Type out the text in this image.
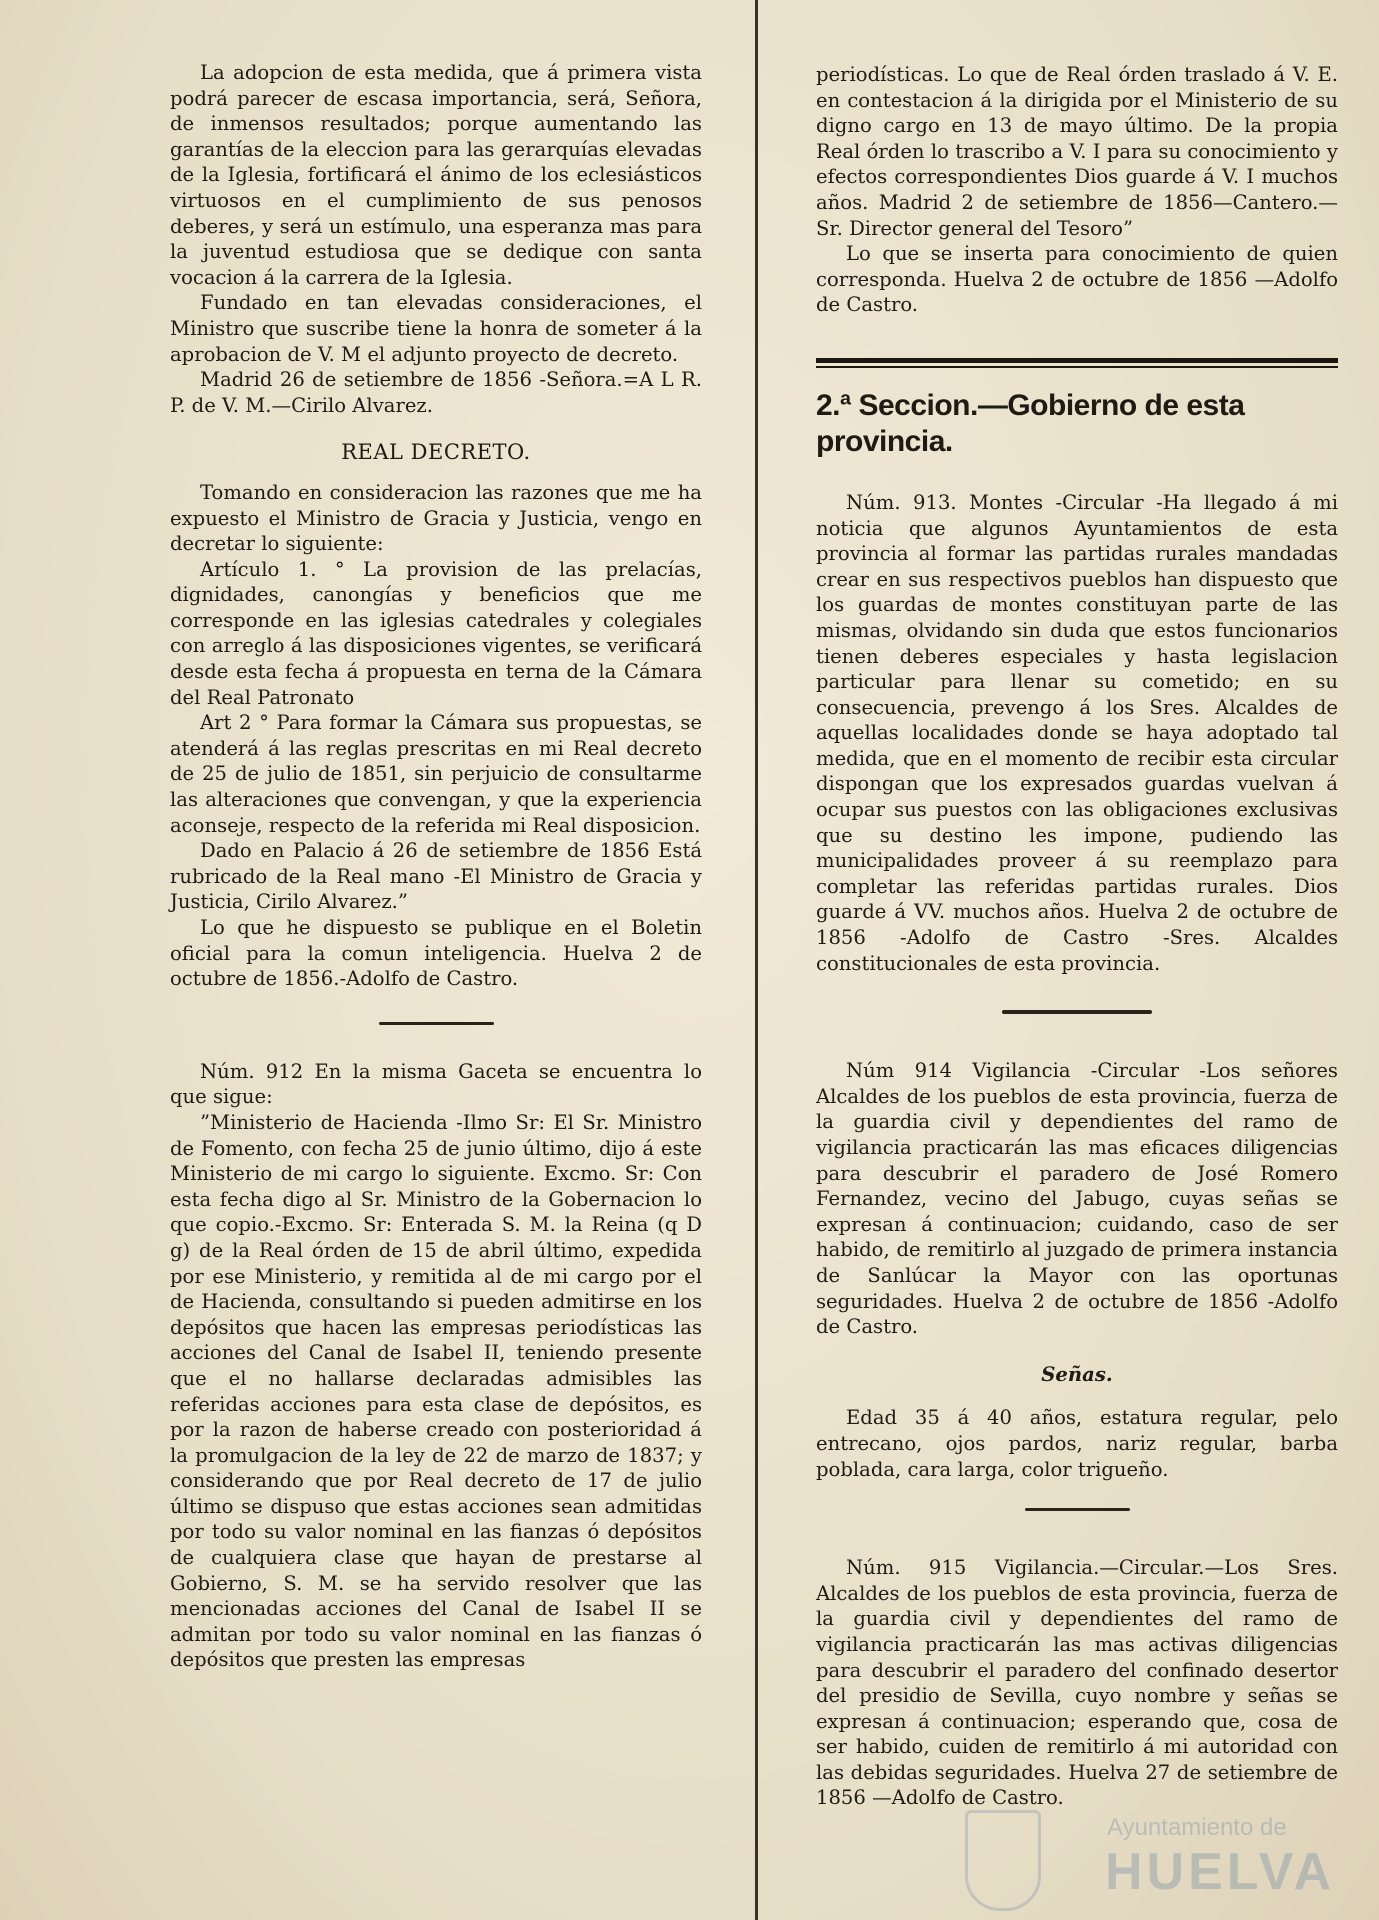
La adopcion de esta medida, que á primera vista podrá parecer de escasa importancia, será, Señora, de inmensos resultados; porque aumentando las garantías de la eleccion para las gerarquías elevadas de la Iglesia, fortificará el ánimo de los eclesiásticos virtuosos en el cumplimiento de sus penosos deberes, y será un estímulo, una esperanza mas para la juventud estudiosa que se dedique con santa vocacion á la carrera de la Iglesia.

Fundado en tan elevadas consideraciones, el Ministro que suscribe tiene la honra de someter á la aprobacion de V. M el adjunto proyecto de decreto.

Madrid 26 de setiembre de 1856 -Señora.=A L R. P. de V. M.—Cirilo Alvarez.

REAL DECRETO.

Tomando en consideracion las razones que me ha expuesto el Ministro de Gracia y Justicia, vengo en decretar lo siguiente:

Artículo 1. ° La provision de las prelacías, dignidades, canongías y beneficios que me corresponde en las iglesias catedrales y colegiales con arreglo á las disposiciones vigentes, se verificará desde esta fecha á propuesta en terna de la Cámara del Real Patronato

Art 2 ° Para formar la Cámara sus propuestas, se atenderá á las reglas prescritas en mi Real decreto de 25 de julio de 1851, sin perjuicio de consultarme las alteraciones que convengan, y que la experiencia aconseje, respecto de la referida mi Real disposicion.

Dado en Palacio á 26 de setiembre de 1856 Está rubricado de la Real mano -El Ministro de Gracia y Justicia, Cirilo Alvarez.”

Lo que he dispuesto se publique en el Boletin oficial para la comun inteligencia. Huelva 2 de octubre de 1856.-Adolfo de Castro.

Núm. 912 En la misma Gaceta se encuentra lo que sigue:

”Ministerio de Hacienda -Ilmo Sr: El Sr. Ministro de Fomento, con fecha 25 de junio último, dijo á este Ministerio de mi cargo lo siguiente. Excmo. Sr: Con esta fecha digo al Sr. Ministro de la Gobernacion lo que copio.-Excmo. Sr: Enterada S. M. la Reina (q D g) de la Real órden de 15 de abril último, expedida por ese Ministerio, y remitida al de mi cargo por el de Hacienda, consultando si pueden admitirse en los depósitos que hacen las empresas periodísticas las acciones del Canal de Isabel II, teniendo presente que el no hallarse declaradas admisibles las referidas acciones para esta clase de depósitos, es por la razon de haberse creado con posterioridad á la promulgacion de la ley de 22 de marzo de 1837; y considerando que por Real decreto de 17 de julio último se dispuso que estas acciones sean admitidas por todo su valor nominal en las fianzas ó depósitos de cualquiera clase que hayan de prestarse al Gobierno, S. M. se ha servido resolver que las mencionadas acciones del Canal de Isabel II se admitan por todo su valor nominal en las fianzas ó depósitos que presten las empresas

periodísticas. Lo que de Real órden traslado á V. E. en contestacion á la dirigida por el Ministerio de su digno cargo en 13 de mayo último. De la propia Real órden lo trascribo a V. I para su conocimiento y efectos correspondientes Dios guarde á V. I muchos años. Madrid 2 de setiembre de 1856—Cantero.—Sr. Director general del Tesoro”

Lo que se inserta para conocimiento de quien corresponda. Huelva 2 de octubre de 1856 —Adolfo de Castro.

2.ª Seccion.—Gobierno de esta provincia.

Núm. 913. Montes -Circular -Ha llegado á mi noticia que algunos Ayuntamientos de esta provincia al formar las partidas rurales mandadas crear en sus respectivos pueblos han dispuesto que los guardas de montes constituyan parte de las mismas, olvidando sin duda que estos funcionarios tienen deberes especiales y hasta legislacion particular para llenar su cometido; en su consecuencia, prevengo á los Sres. Alcaldes de aquellas localidades donde se haya adoptado tal medida, que en el momento de recibir esta circular dispongan que los expresados guardas vuelvan á ocupar sus puestos con las obligaciones exclusivas que su destino les impone, pudiendo las municipalidades proveer á su reemplazo para completar las referidas partidas rurales. Dios guarde á VV. muchos años. Huelva 2 de octubre de 1856 -Adolfo de Castro -Sres. Alcaldes constitucionales de esta provincia.

Núm 914 Vigilancia -Circular -Los señores Alcaldes de los pueblos de esta provincia, fuerza de la guardia civil y dependientes del ramo de vigilancia practicarán las mas eficaces diligencias para descubrir el paradero de José Romero Fernandez, vecino del Jabugo, cuyas señas se expresan á continuacion; cuidando, caso de ser habido, de remitirlo al juzgado de primera instancia de Sanlúcar la Mayor con las oportunas seguridades. Huelva 2 de octubre de 1856 -Adolfo de Castro.

Señas.

Edad 35 á 40 años, estatura regular, pelo entrecano, ojos pardos, nariz regular, barba poblada, cara larga, color trigueño.

Núm. 915 Vigilancia.—Circular.—Los Sres. Alcaldes de los pueblos de esta provincia, fuerza de la guardia civil y dependientes del ramo de vigilancia practicarán las mas activas diligencias para descubrir el paradero del confinado desertor del presidio de Sevilla, cuyo nombre y señas se expresan á continuacion; esperando que, cosa de ser habido, cuiden de remitirlo á mi autoridad con las debidas seguridades. Huelva 27 de setiembre de 1856 —Adolfo de Castro.

Ayuntamiento de
HUELVA
